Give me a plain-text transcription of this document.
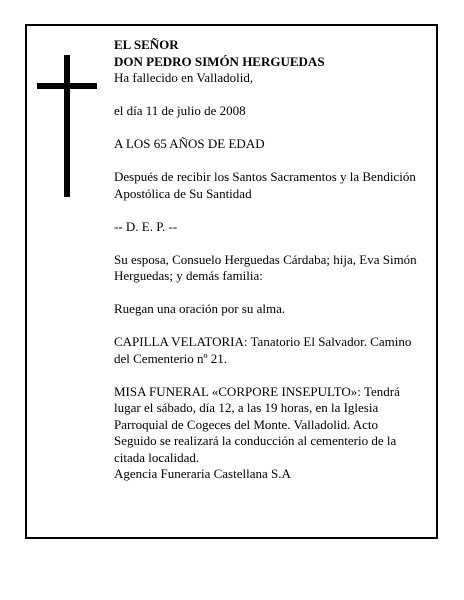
EL SEÑOR

DON PEDRO SIMÓN HERGUEDAS

Ha fallecido en Valladolid,

el día 11 de julio de 2008

A LOS 65 AÑOS DE EDAD

Después de recibir los Santos Sacramentos y la Bendición Apostólica de Su Santidad

-- D. E. P. --

Su esposa, Consuelo Herguedas Cárdaba; hija, Eva Simón Herguedas; y demás familia:

Ruegan una oración por su alma.

CAPILLA VELATORIA: Tanatorio El Salvador. Camino del Cementerio nº 21.

MISA FUNERAL «CORPORE INSEPULTO»: Tendrá lugar el sábado, día 12, a las 19 horas, en la Iglesia Parroquial de Cogeces del Monte. Valladolid. Acto Seguido se realizará la conducción al cementerio de la citada localidad.

Agencia Funeraria Castellana S.A
